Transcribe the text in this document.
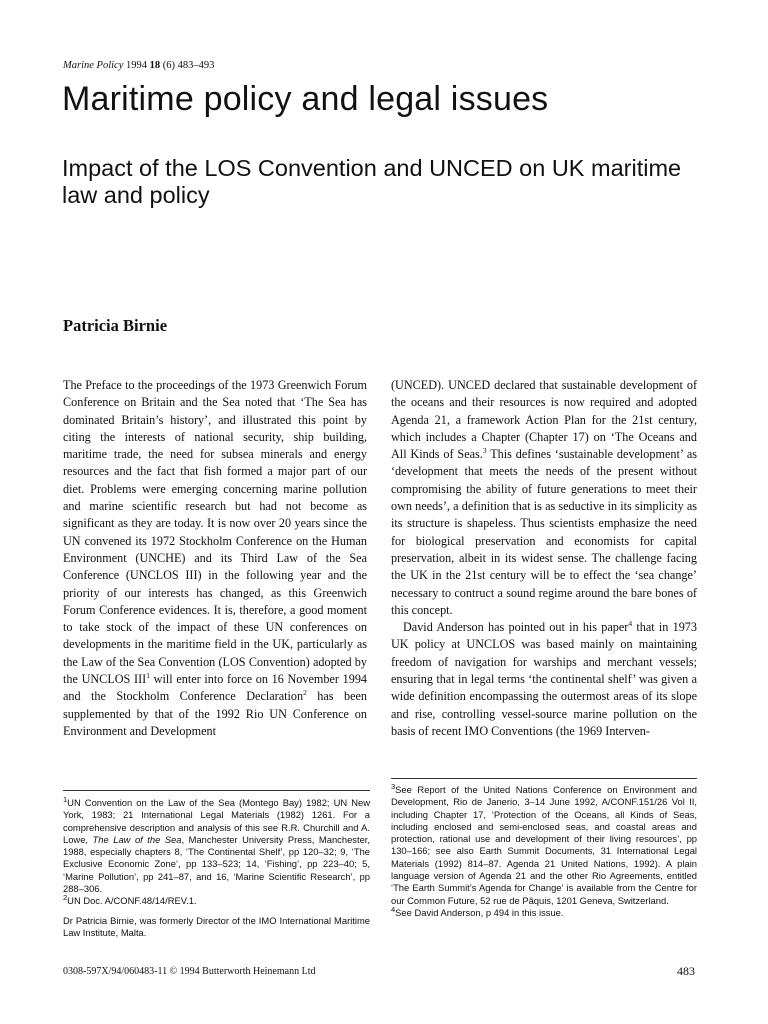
Marine Policy 1994 18 (6) 483–493
Maritime policy and legal issues
Impact of the LOS Convention and UNCED on UK maritime law and policy
Patricia Birnie

The Preface to the proceedings of the 1973 Greenwich Forum Conference on Britain and the Sea noted that ‘The Sea has dominated Britain’s history’, and illustrated this point by citing the interests of national security, ship building, maritime trade, the need for subsea minerals and energy resources and the fact that fish formed a major part of our diet. Problems were emerging concerning marine pollution and marine scientific research but had not become as significant as they are today. It is now over 20 years since the UN convened its 1972 Stockholm Conference on the Human Environment (UNCHE) and its Third Law of the Sea Conference (UNCLOS III) in the following year and the priority of our interests has changed, as this Greenwich Forum Conference evidences. It is, therefore, a good moment to take stock of the impact of these UN conferences on developments in the maritime field in the UK, particularly as the Law of the Sea Convention (LOS Convention) adopted by the UNCLOS III$^1$ will enter into force on 16 November 1994 and the Stockholm Conference Declaration$^2$ has been supplemented by that of the 1992 Rio UN Conference on Environment and Development

(UNCED). UNCED declared that sustainable development of the oceans and their resources is now required and adopted Agenda 21, a framework Action Plan for the 21st century, which includes a Chapter (Chapter 17) on ‘The Oceans and All Kinds of Seas.$^3$ This defines ‘sustainable development’ as ‘development that meets the needs of the present without compromising the ability of future generations to meet their own needs’, a definition that is as seductive in its simplicity as its structure is shapeless. Thus scientists emphasize the need for biological preservation and economists for capital preservation, albeit in its widest sense. The challenge facing the UK in the 21st century will be to effect the ‘sea change’ necessary to contruct a sound regime around the bare bones of this concept.

David Anderson has pointed out in his paper$^4$ that in 1973 UK policy at UNCLOS was based mainly on maintaining freedom of navigation for warships and merchant vessels; ensuring that in legal terms ‘the continental shelf’ was given a wide definition encompassing the outermost areas of its slope and rise, controlling vessel-source marine pollution on the basis of recent IMO Conventions (the 1969 Interven-

$^1$UN Convention on the Law of the Sea (Montego Bay) 1982; UN New York, 1983; 21 International Legal Materials (1982) 1261. For a comprehensive description and analysis of this see R.R. Churchill and A. Lowe, The Law of the Sea, Manchester University Press, Manchester, 1988, especially chapters 8, ‘The Continental Shelf’, pp 120–32; 9, ‘The Exclusive Economic Zone’, pp 133–523; 14, ‘Fishing’, pp 223–40; 5, ‘Marine Pollution’, pp 241–87, and 16, ‘Marine Scientific Research’, pp 288–306.

$^2$UN Doc. A/CONF.48/14/REV.1.

Dr Patricia Birnie, was formerly Director of the IMO International Maritime Law Institute, Malta.

$^3$See Report of the United Nations Conference on Environment and Development, Rio de Janerio, 3–14 June 1992, A/CONF.151/26 Vol II, including Chapter 17, ‘Protection of the Oceans, all Kinds of Seas, including enclosed and semi-enclosed seas, and coastal areas and protection, rational use and development of their living resources’, pp 130–166; see also Earth Summit Documents, 31 International Legal Materials (1992) 814–87. Agenda 21 United Nations, 1992). A plain language version of Agenda 21 and the other Rio Agreements, entitled ‘The Earth Summit’s Agenda for Change’ is available from the Centre for our Common Future, 52 rue de Pâquis, 1201 Geneva, Switzerland.

$^4$See David Anderson, p 494 in this issue.

0308-597X/94/060483-11 © 1994 Butterworth Heinemann Ltd	483
